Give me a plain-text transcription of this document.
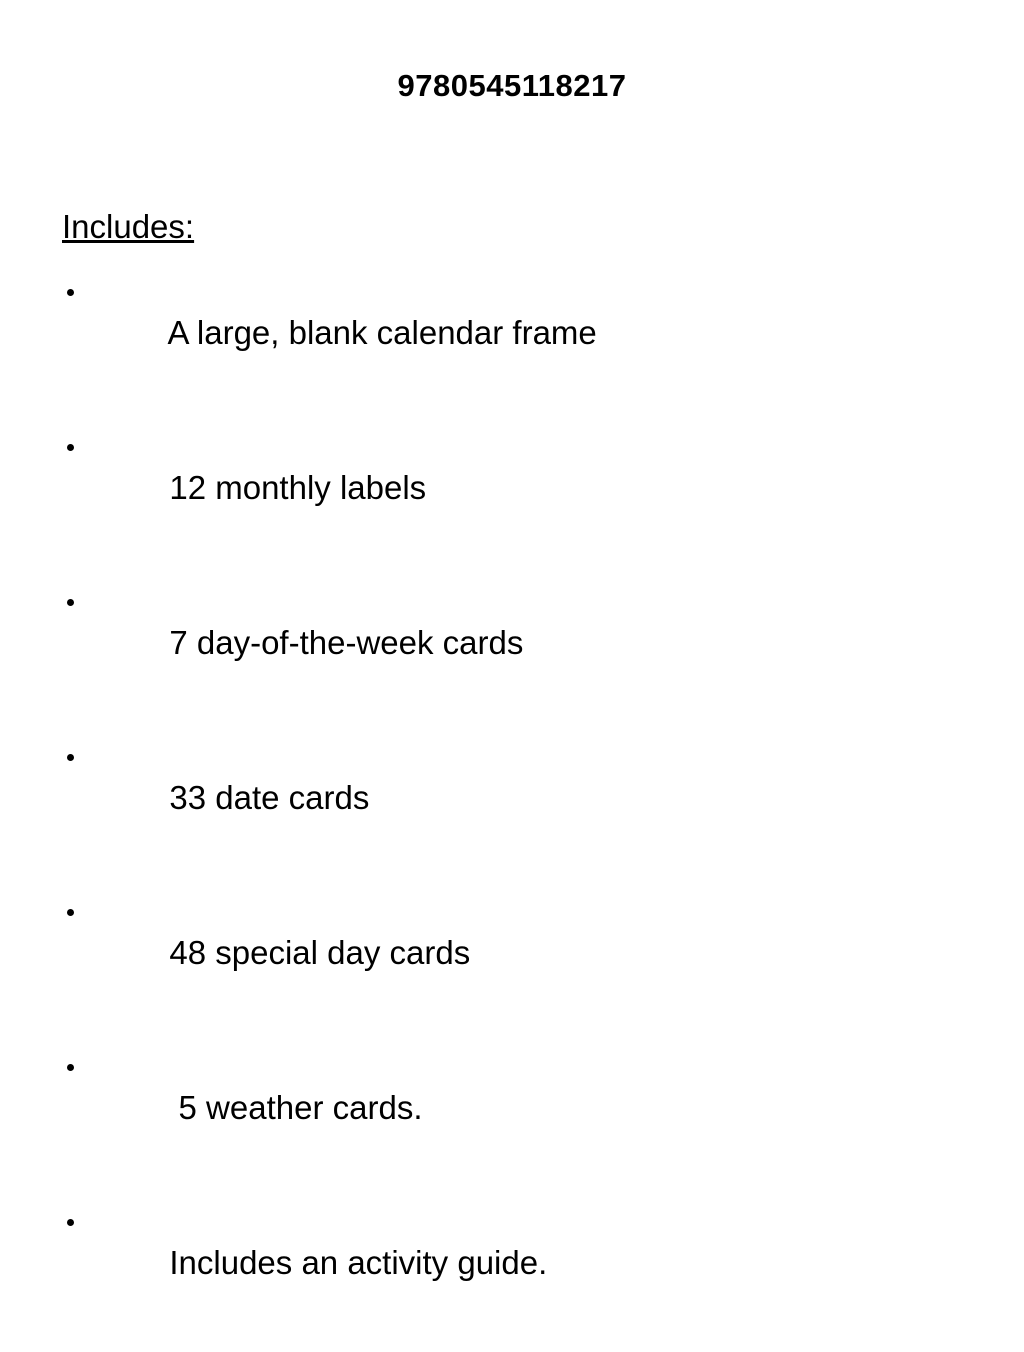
9780545118217
Includes:

A large, blank calendar frame

12 monthly labels

7 day-of-the-week cards

33 date cards

48 special day cards

5 weather cards.

Includes an activity guide.
